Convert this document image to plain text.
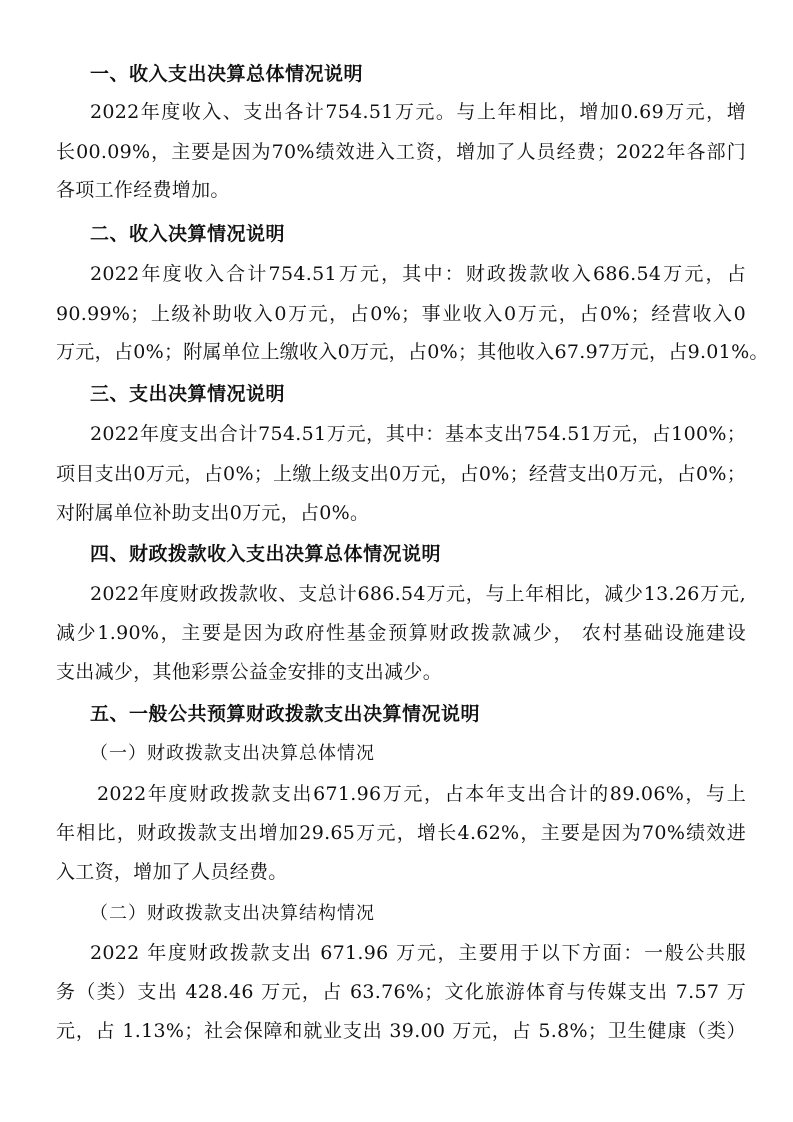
一、收入支出决算总体情况说明
2022年度收入、支出各计754.51万元。与上年相比，增加0.69万元，增
长00.09%，主要是因为70%绩效进入工资，增加了人员经费；2022年各部门
各项工作经费增加。
二、收入决算情况说明
2022年度收入合计754.51万元，其中：财政拨款收入686.54万元，占
90.99%；上级补助收入0万元，占0%；事业收入0万元，占0%；经营收入0
万元，占0%；附属单位上缴收入0万元，占0%；其他收入67.97万元，占9.01%。
三、支出决算情况说明
2022年度支出合计754.51万元，其中：基本支出754.51万元，占100%；
项目支出0万元，占0%；上缴上级支出0万元，占0%；经营支出0万元，占0%；
对附属单位补助支出0万元，占0%。
四、财政拨款收入支出决算总体情况说明
2022年度财政拨款收、支总计686.54万元，与上年相比，减少13.26万元,
减少1.90%，主要是因为政府性基金预算财政拨款减少， 农村基础设施建设
支出减少，其他彩票公益金安排的支出减少。
五、一般公共预算财政拨款支出决算情况说明
（一）财政拨款支出决算总体情况
2022年度财政拨款支出671.96万元，占本年支出合计的89.06%，与上
年相比，财政拨款支出增加29.65万元，增长4.62%，主要是因为70%绩效进
入工资，增加了人员经费。
（二）财政拨款支出决算结构情况
2022 年度财政拨款支出 671.96 万元，主要用于以下方面：一般公共服
务（类）支出 428.46 万元，占 63.76%；文化旅游体育与传媒支出 7.57 万
元，占 1.13%；社会保障和就业支出 39.00 万元，占 5.8%；卫生健康（类）
